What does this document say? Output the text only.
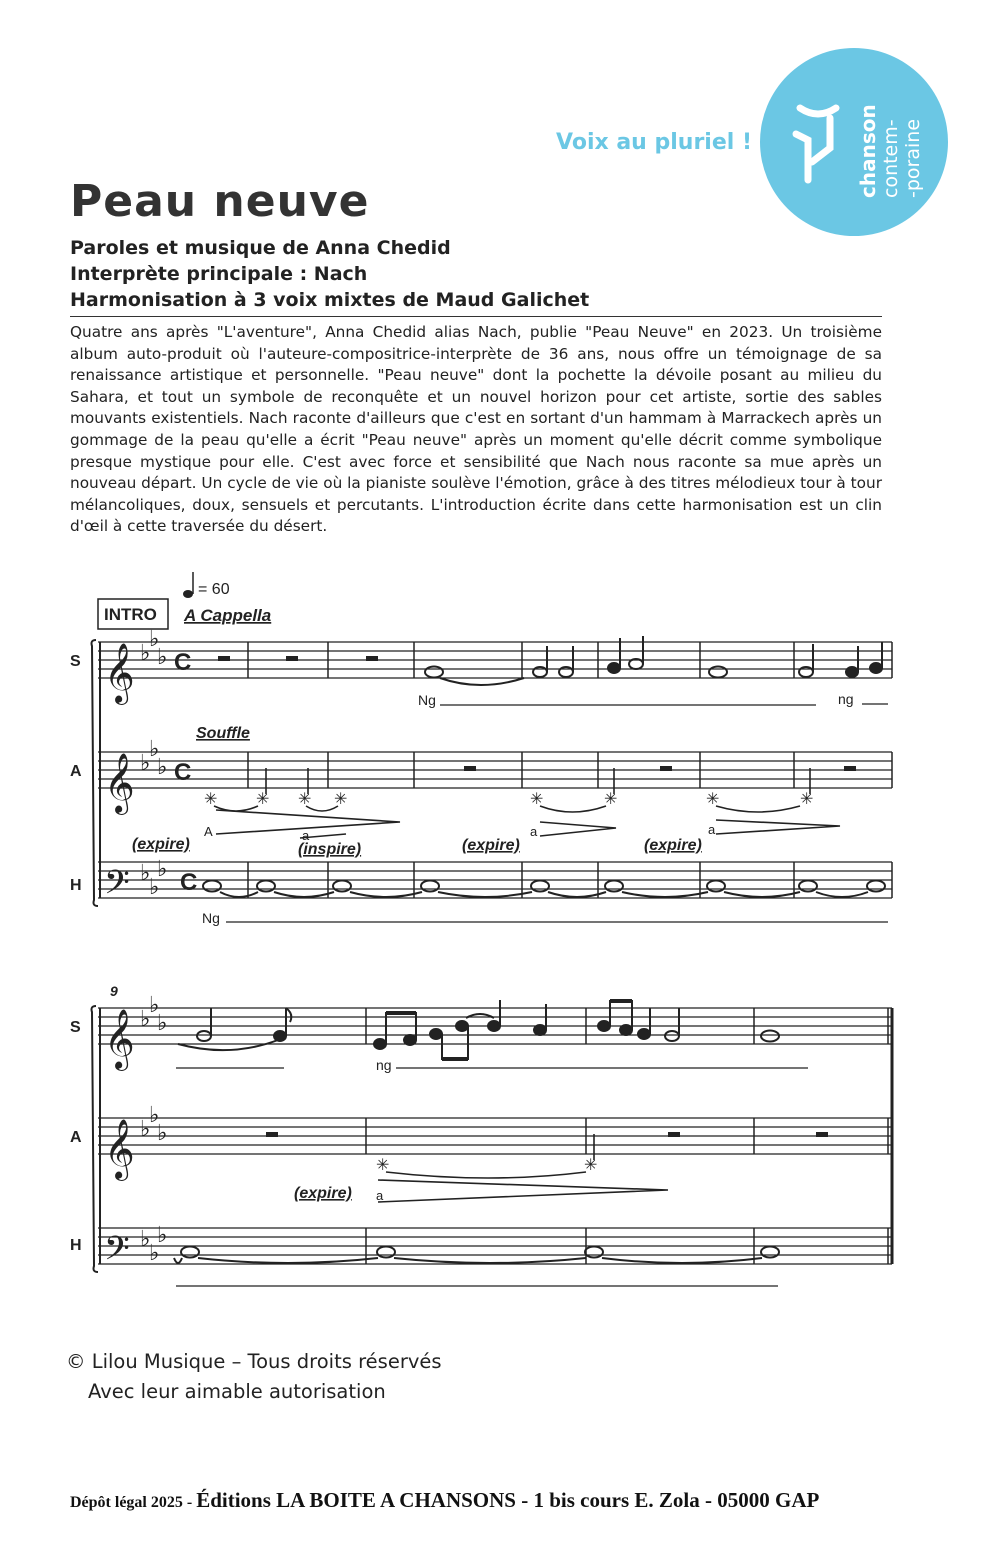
Voix au pluriel !	chanson contem- -poraine
Peau neuve
Paroles et musique de Anna Chedid
Interprète principale : Nach
Harmonisation à 3 voix mixtes de Maud Galichet
Quatre ans après "L'aventure", Anna Chedid alias Nach, publie "Peau Neuve" en 2023. Un troisième album auto-produit où l'auteure-compositrice-interprète de 36 ans, nous offre un témoignage de sa renaissance artistique et personnelle. "Peau neuve" dont la pochette la dévoile posant au milieu du Sahara, et tout un symbole de reconquête et un nouvel horizon pour cet artiste, sortie des sables mouvants existentiels. Nach raconte d'ailleurs que c'est en sortant d'un hammam à Marrackech après un gommage de la peau qu'elle a écrit "Peau neuve" après un moment qu'elle décrit comme symbolique presque mystique pour elle. C'est avec force et sensibilité que Nach nous raconte sa mue après un nouveau départ. Un cycle de vie où la pianiste soulève l'émotion, grâce à des titres mélodieux tour à tour mélancoliques, doux, sensuels et percutants. L'introduction écrite dans cette harmonisation est un clin d'œil à cette traversée du désert.
= 60
INTRO A Cappella
S
A
H
S
A
H
𝄞
𝄞
𝄢
𝄞
𝄞
𝄢
♭
♭
♭
♭
♭
♭
♭
♭
♭
♭
♭
♭
♭
♭
♭
♭
♭
♭
C
C
C
Ng	ng
Souffle
✳ ✳ ✳ ✳	✳	✳	✳	✳
A	a	a	a
(expire)	(inspire)	(expire)	(expire)
Ng
9
ng
✳	✳
a
(expire)
© Lilou Musique – Tous droits réservés
Avec leur aimable autorisation
Dépôt légal 2025 - Éditions LA BOITE A CHANSONS - 1 bis cours E. Zola - 05000 GAP
